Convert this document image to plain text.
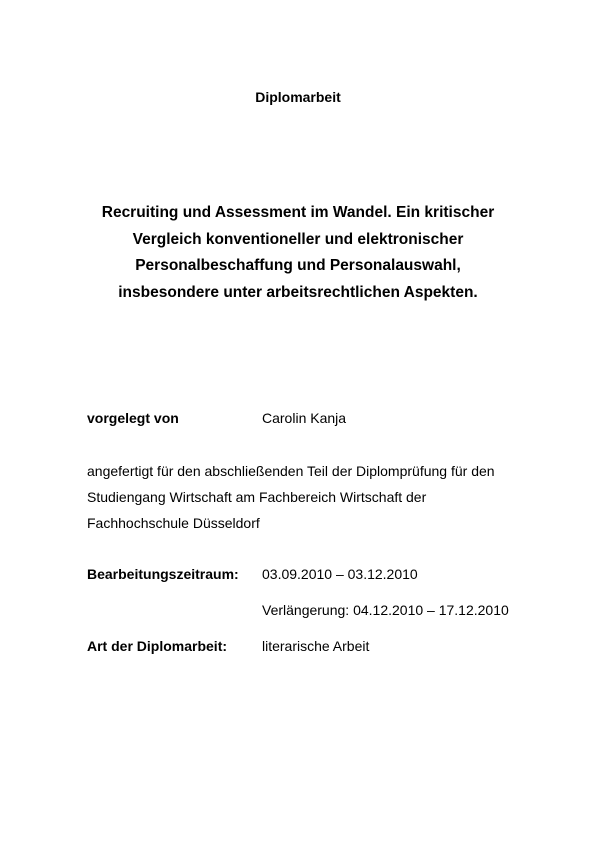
Diplomarbeit
Recruiting und Assessment im Wandel. Ein kritischer
Vergleich konventioneller und elektronischer
Personalbeschaffung und Personalauswahl,
insbesondere unter arbeitsrechtlichen Aspekten.
vorgelegt von	Carolin Kanja
angefertigt für den abschließenden Teil der Diplomprüfung für den
Studiengang Wirtschaft am Fachbereich Wirtschaft der
Fachhochschule Düsseldorf
Bearbeitungszeitraum: 03.09.2010 – 03.12.2010
Verlängerung: 04.12.2010 – 17.12.2010
Art der Diplomarbeit: literarische Arbeit
